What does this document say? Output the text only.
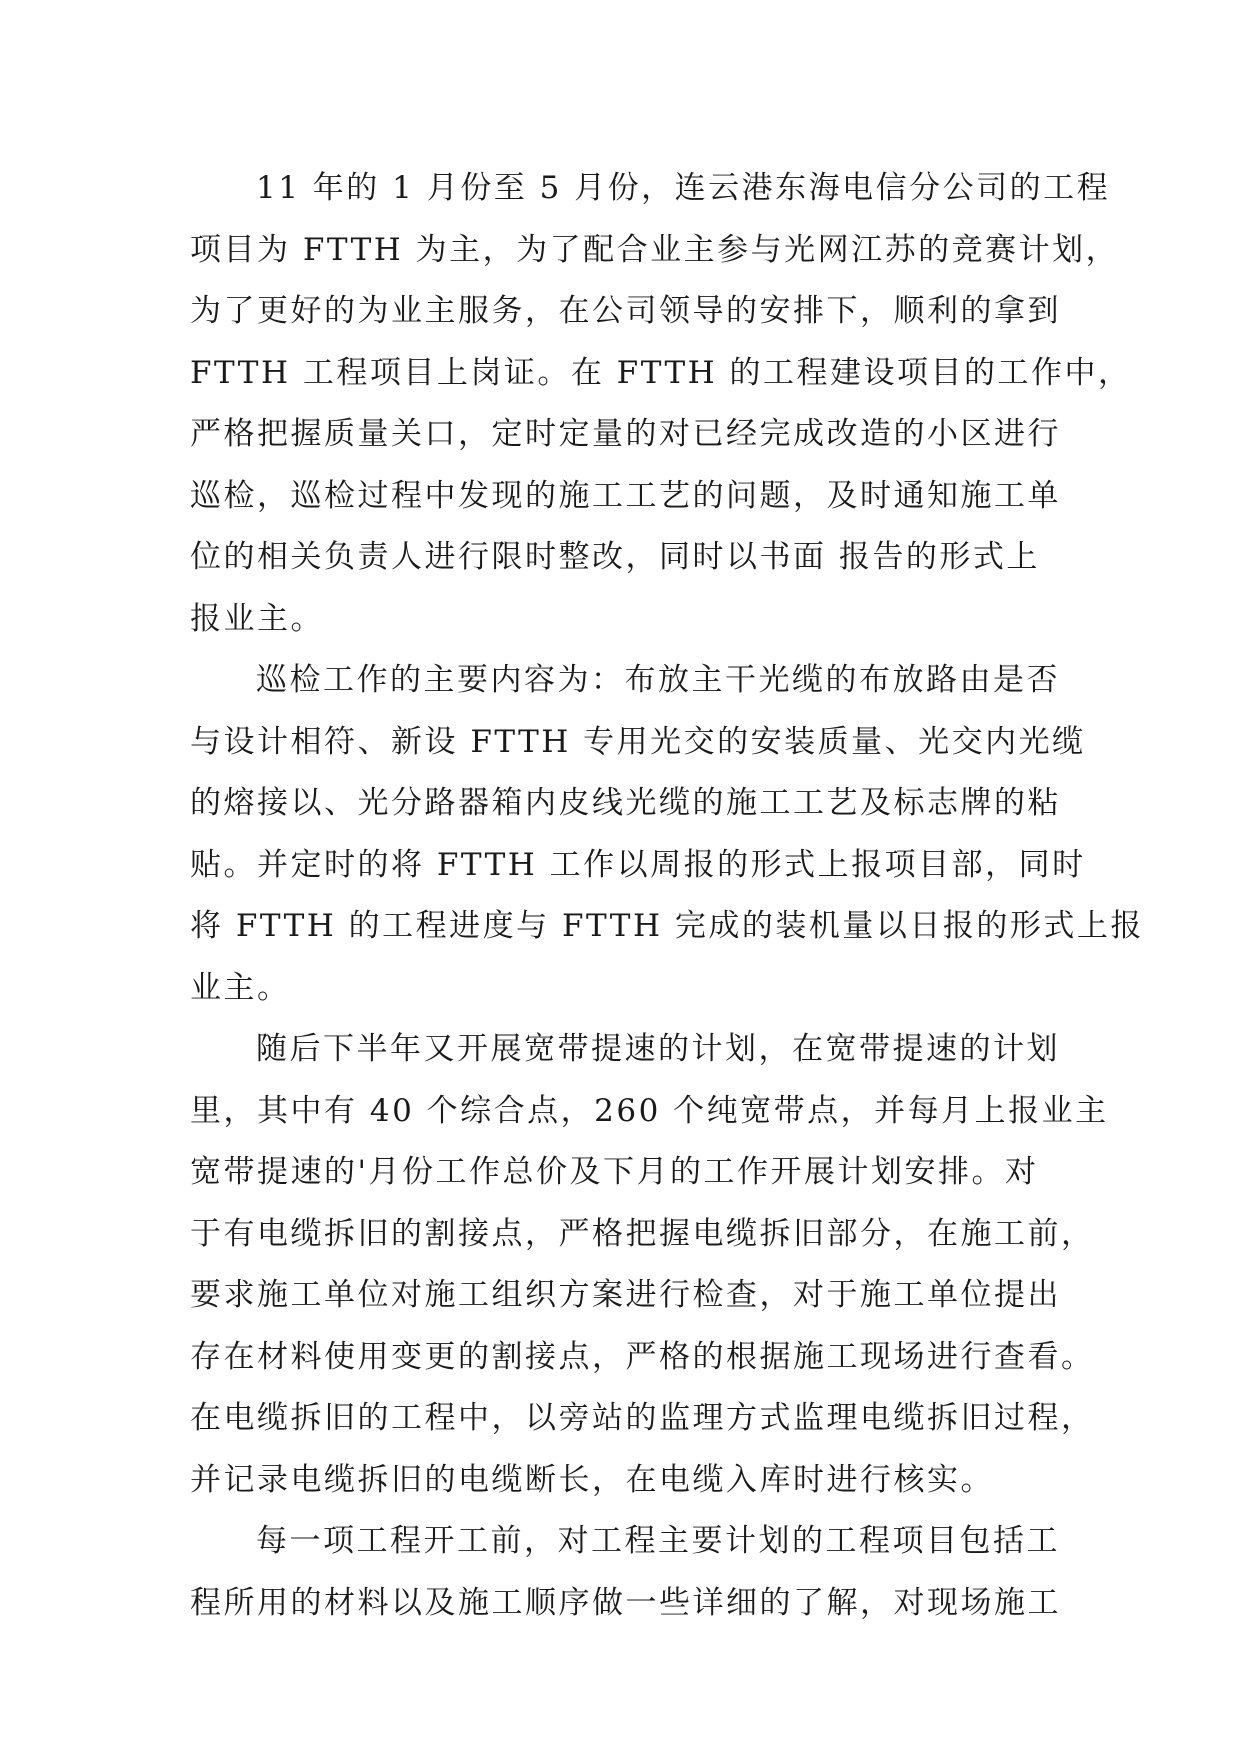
11 年的 1 月份至 5 月份，连云港东海电信分公司的工程
项目为 FTTH 为主，为了配合业主参与光网江苏的竞赛计划，
为了更好的为业主服务，在公司领导的安排下，顺利的拿到
FTTH 工程项目上岗证。在 FTTH 的工程建设项目的工作中，
严格把握质量关口，定时定量的对已经完成改造的小区进行
巡检，巡检过程中发现的施工工艺的问题，及时通知施工单
位的相关负责人进行限时整改，同时以书面 报告的形式上
报业主。
巡检工作的主要内容为：布放主干光缆的布放路由是否
与设计相符、新设 FTTH 专用光交的安装质量、光交内光缆
的熔接以、光分路器箱内皮线光缆的施工工艺及标志牌的粘
贴。并定时的将 FTTH 工作以周报的形式上报项目部，同时
将 FTTH 的工程进度与 FTTH 完成的装机量以日报的形式上报
业主。
随后下半年又开展宽带提速的计划，在宽带提速的计划
里，其中有 40 个综合点，260 个纯宽带点，并每月上报业主
宽带提速的'月份工作总价及下月的工作开展计划安排。对
于有电缆拆旧的割接点，严格把握电缆拆旧部分，在施工前，
要求施工单位对施工组织方案进行检查，对于施工单位提出
存在材料使用变更的割接点，严格的根据施工现场进行查看。
在电缆拆旧的工程中，以旁站的监理方式监理电缆拆旧过程，
并记录电缆拆旧的电缆断长，在电缆入库时进行核实。
每一项工程开工前，对工程主要计划的工程项目包括工
程所用的材料以及施工顺序做一些详细的了解，对现场施工
